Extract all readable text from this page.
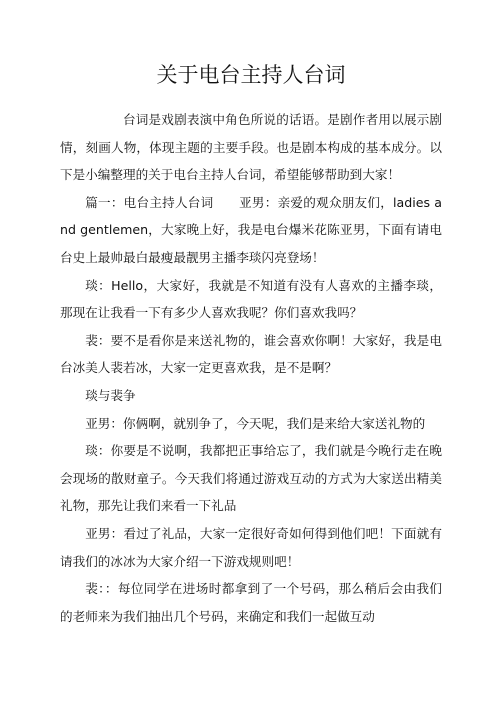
关于电台主持人台词

台词是戏剧表演中角色所说的话语。是剧作者用以展示剧情，刻画人物，体现主题的主要手段。也是剧本构成的基本成分。以下是小编整理的关于电台主持人台词，希望能够帮助到大家！

篇一：电台主持人台词　　亚男：亲爱的观众朋友们，ladies and gentlemen，大家晚上好，我是电台爆米花陈亚男，下面有请电台史上最帅最白最瘦最靓男主播李琰闪亮登场！

琰：Hello，大家好，我就是不知道有没有人喜欢的主播李琰，那现在让我看一下有多少人喜欢我呢？你们喜欢我吗？

裴：要不是看你是来送礼物的，谁会喜欢你啊！大家好，我是电台冰美人裴若冰，大家一定更喜欢我，是不是啊？

琰与裴争

亚男：你俩啊，就别争了，今天呢，我们是来给大家送礼物的

琰：你要是不说啊，我都把正事给忘了，我们就是今晚行走在晚会现场的散财童子。今天我们将通过游戏互动的方式为大家送出精美礼物，那先让我们来看一下礼品

亚男：看过了礼品，大家一定很好奇如何得到他们吧！下面就有请我们的冰冰为大家介绍一下游戏规则吧！

裴：：每位同学在进场时都拿到了一个号码，那么稍后会由我们的老师来为我们抽出几个号码，来确定和我们一起做互动
